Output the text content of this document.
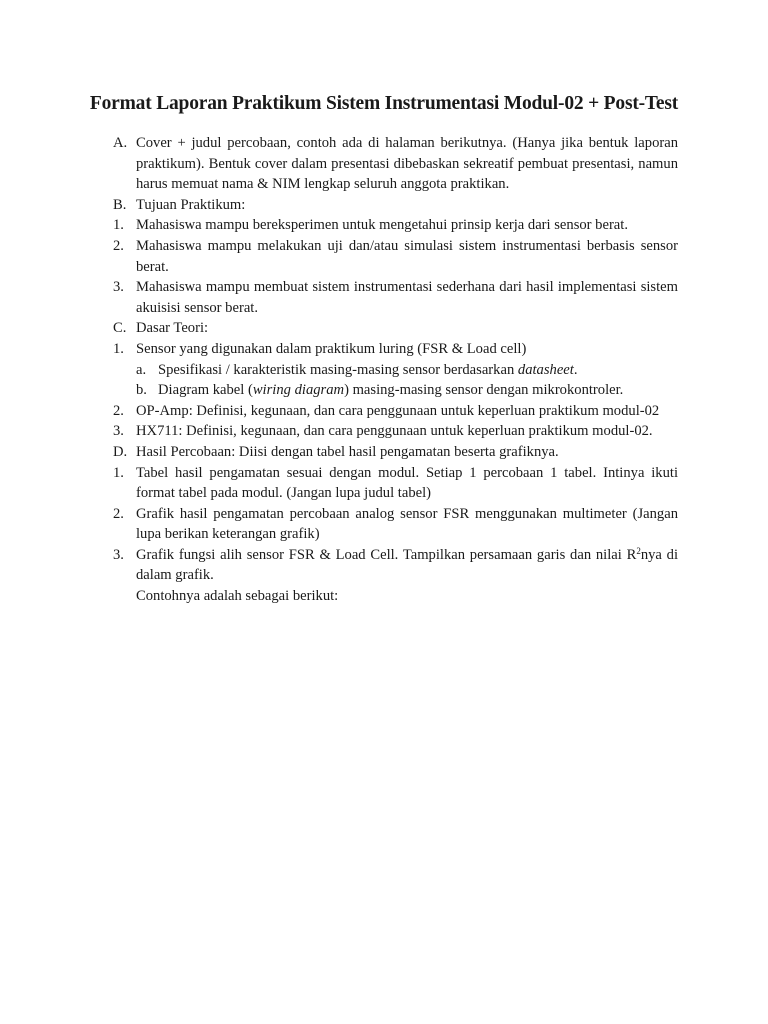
Format Laporan Praktikum Sistem Instrumentasi Modul-02 + Post-Test
A. Cover + judul percobaan, contoh ada di halaman berikutnya. (Hanya jika bentuk laporan praktikum). Bentuk cover dalam presentasi dibebaskan sekreatif pembuat presentasi, namun harus memuat nama & NIM lengkap seluruh anggota praktikan.
B. Tujuan Praktikum:
1. Mahasiswa mampu bereksperimen untuk mengetahui prinsip kerja dari sensor berat.
2. Mahasiswa mampu melakukan uji dan/atau simulasi sistem instrumentasi berbasis sensor berat.
3. Mahasiswa mampu membuat sistem instrumentasi sederhana dari hasil implementasi sistem akuisisi sensor berat.
C. Dasar Teori:
1. Sensor yang digunakan dalam praktikum luring (FSR & Load cell)
a. Spesifikasi / karakteristik masing-masing sensor berdasarkan datasheet.
b. Diagram kabel (wiring diagram) masing-masing sensor dengan mikrokontroler.
2. OP-Amp: Definisi, kegunaan, dan cara penggunaan untuk keperluan praktikum modul-02
3. HX711: Definisi, kegunaan, dan cara penggunaan untuk keperluan praktikum modul-02.
D. Hasil Percobaan: Diisi dengan tabel hasil pengamatan beserta grafiknya.
1. Tabel hasil pengamatan sesuai dengan modul. Setiap 1 percobaan 1 tabel. Intinya ikuti format tabel pada modul. (Jangan lupa judul tabel)
2. Grafik hasil pengamatan percobaan analog sensor FSR menggunakan multimeter (Jangan lupa berikan keterangan grafik)
3. Grafik fungsi alih sensor FSR & Load Cell. Tampilkan persamaan garis dan nilai $R^2nya$ di dalam grafik.
Contohnya adalah sebagai berikut:
